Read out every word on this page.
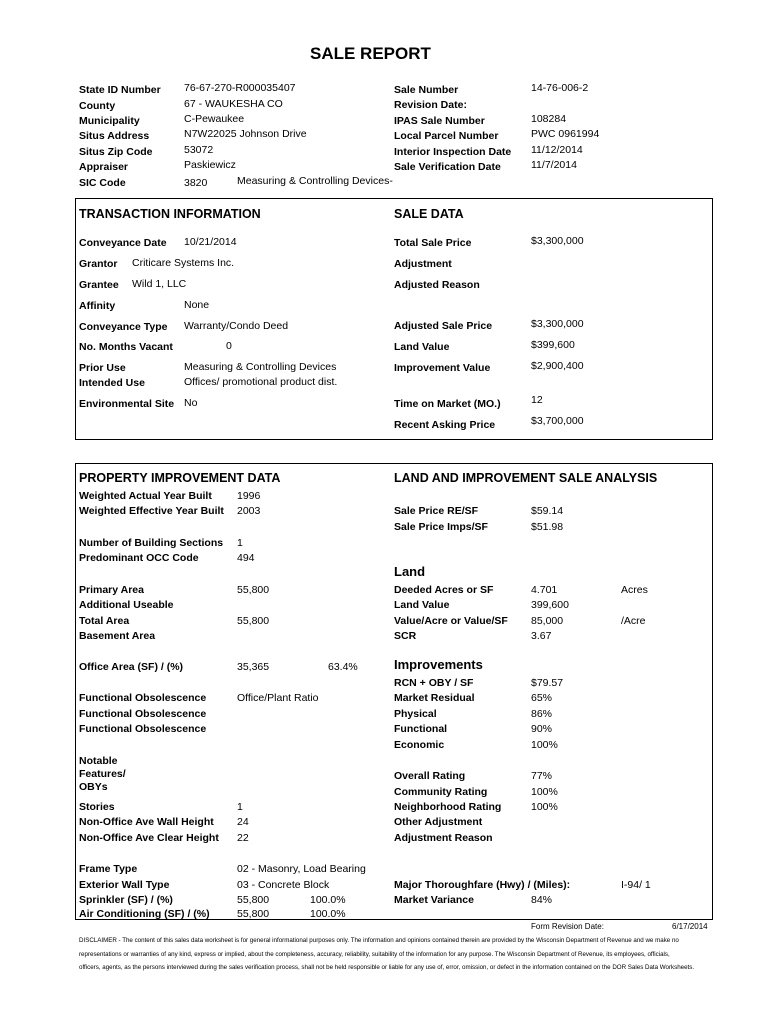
SALE REPORT
State ID Number 76-67-270-R000035407
County	67 - WAUKESHA CO
Municipality	C-Pewaukee
Situs Address	N7W22025 Johnson Drive
Situs Zip Code	53072
Appraiser	Paskiewicz
SIC Code	3820	Measuring & Controlling Devices-
Sale Number	14-76-006-2
Revision Date:
IPAS Sale Number	108284
Local Parcel Number	PWC 0961994
Interior Inspection Date 11/12/2014
Sale Verification Date	11/7/2014
TRANSACTION INFORMATION	SALE DATA
Conveyance Date 10/21/2014
Grantor Criticare Systems Inc.
Grantee Wild 1, LLC
Affinity	None
Conveyance Type Warranty/Condo Deed
No. Months Vacant	0
Prior Use	Measuring & Controlling Devices
Intended Use	Offices/ promotional product dist.
Environmental Site No
Total Sale Price	$3,300,000
Adjustment
Adjusted Reason
Adjusted Sale Price	$3,300,000
Land Value	$399,600
Improvement Value	$2,900,400
Time on Market (MO.)	12
Recent Asking Price	$3,700,000
PROPERTY IMPROVEMENT DATA	LAND AND IMPROVEMENT SALE ANALYSIS
Weighted Actual Year Built 1996
Weighted Effective Year Built 2003
Number of Building Sections 1
Predominant OCC Code	494
Primary Area	55,800
Additional Useable
Total Area	55,800
Basement Area
Office Area (SF) / (%)	35,365	63.4%
Functional Obsolescence	Office/Plant Ratio
Functional Obsolescence
Functional Obsolescence
Notable
Features/
OBYs
Stories	1
Non-Office Ave Wall Height 24
Non-Office Ave Clear Height 22
Frame Type	02 - Masonry, Load Bearing
Exterior Wall Type	03 - Concrete Block
Sprinkler (SF) / (%)	55,800	100.0%
Air Conditioning (SF) / (%)	55,800	100.0%
Sale Price RE/SF	$59.14
Sale Price Imps/SF	$51.98
Land
Deeded Acres or SF	4.701	Acres
Land Value	399,600
Value/Acre or Value/SF 85,000	/Acre
SCR	3.67
Improvements
RCN + OBY / SF	$79.57
Market Residual	65%
Physical	86%
Functional	90%
Economic	100%
Overall Rating	77%
Community Rating	100%
Neighborhood Rating	100%
Other Adjustment
Adjustment Reason
Major Thoroughfare (Hwy) / (Miles):	I-94/ 1
Market Variance	84%
Form Revision Date:	6/17/2014
DISCLAIMER - The content of this sales data worksheet is for general informational purposes only. The information and opinions contained therein are provided by the Wisconsin Department of Revenue and we make no
representations or warranties of any kind, express or implied, about the completeness, accuracy, reliability, suitability of the information for any purpose. The Wisconsin Department of Revenue, its employees, officials,
officers, agents, as the persons interviewed during the sales verification process, shall not be held responsible or liable for any use of, error, omission, or defect in the information contained on the DOR Sales Data Worksheets.
